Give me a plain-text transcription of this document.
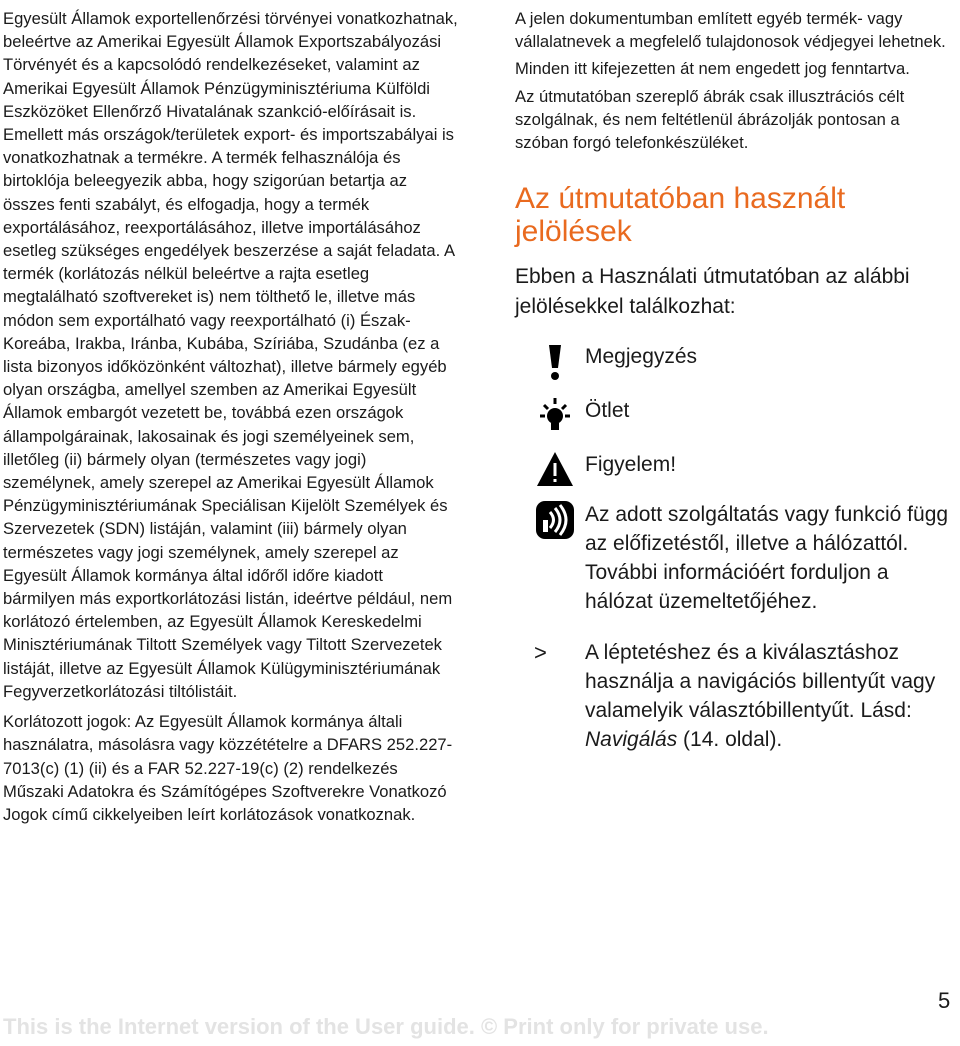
Egyesült Államok exportellenőrzési törvényei vonatkozhatnak, beleértve az Amerikai Egyesült Államok Exportszabályozási Törvényét és a kapcsolódó rendelkezéseket, valamint az Amerikai Egyesült Államok Pénzügyminisztériuma Külföldi Eszközöket Ellenőrző Hivatalának szankció-előírásait is. Emellett más országok/területek export- és importszabályai is vonatkozhatnak a termékre. A termék felhasználója és birtoklója beleegyezik abba, hogy szigorúan betartja az összes fenti szabályt, és elfogadja, hogy a termék exportálásához, reexportálásához, illetve importálásához esetleg szükséges engedélyek beszerzése a saját feladata. A termék (korlátozás nélkül beleértve a rajta esetleg megtalálható szoftvereket is) nem tölthető le, illetve más módon sem exportálható vagy reexportálható (i) Észak-Koreába, Irakba, Iránba, Kubába, Szíriába, Szudánba (ez a lista bizonyos időközönként változhat), illetve bármely egyéb olyan országba, amellyel szemben az Amerikai Egyesült Államok embargót vezetett be, továbbá ezen országok állampolgárainak, lakosainak és jogi személyeinek sem, illetőleg (ii) bármely olyan (természetes vagy jogi) személynek, amely szerepel az Amerikai Egyesült Államok Pénzügyminisztériumának Speciálisan Kijelölt Személyek és Szervezetek (SDN) listáján, valamint (iii) bármely olyan természetes vagy jogi személynek, amely szerepel az Egyesült Államok kormánya által időről időre kiadott bármilyen más exportkorlátozási listán, ideértve például, nem korlátozó értelemben, az Egyesült Államok Kereskedelmi Minisztériumának Tiltott Személyek vagy Tiltott Szervezetek listáját, illetve az Egyesült Államok Külügyminisztériumának Fegyverzetkorlátozási tiltólistáit.

Korlátozott jogok: Az Egyesült Államok kormánya általi használatra, másolásra vagy közzétételre a DFARS 252.227-7013(c) (1) (ii) és a FAR 52.227-19(c) (2) rendelkezés Műszaki Adatokra és Számítógépes Szoftverekre Vonatkozó Jogok című cikkelyeiben leírt korlátozások vonatkoznak.

A jelen dokumentumban említett egyéb termék- vagy vállalatnevek a megfelelő tulajdonosok védjegyei lehetnek.

Minden itt kifejezetten át nem engedett jog fenntartva.

Az útmutatóban szereplő ábrák csak illusztrációs célt szolgálnak, és nem feltétlenül ábrázolják pontosan a szóban forgó telefonkészüléket.

Az útmutatóban használt jelölések

Ebben a Használati útmutatóban az alábbi jelölésekkel találkozhat:

Megjegyzés
Ötlet
Figyelem!
Az adott szolgáltatás vagy funkció függ az előfizetéstől, illetve a hálózattól. További információért forduljon a hálózat üzemeltetőjéhez.
> A léptetéshez és a kiválasztáshoz használja a navigációs billentyűt vagy valamelyik választóbillentyűt. Lásd: Navigálás (14. oldal).
This is the Internet version of the User guide. © Print only for private use.
5
